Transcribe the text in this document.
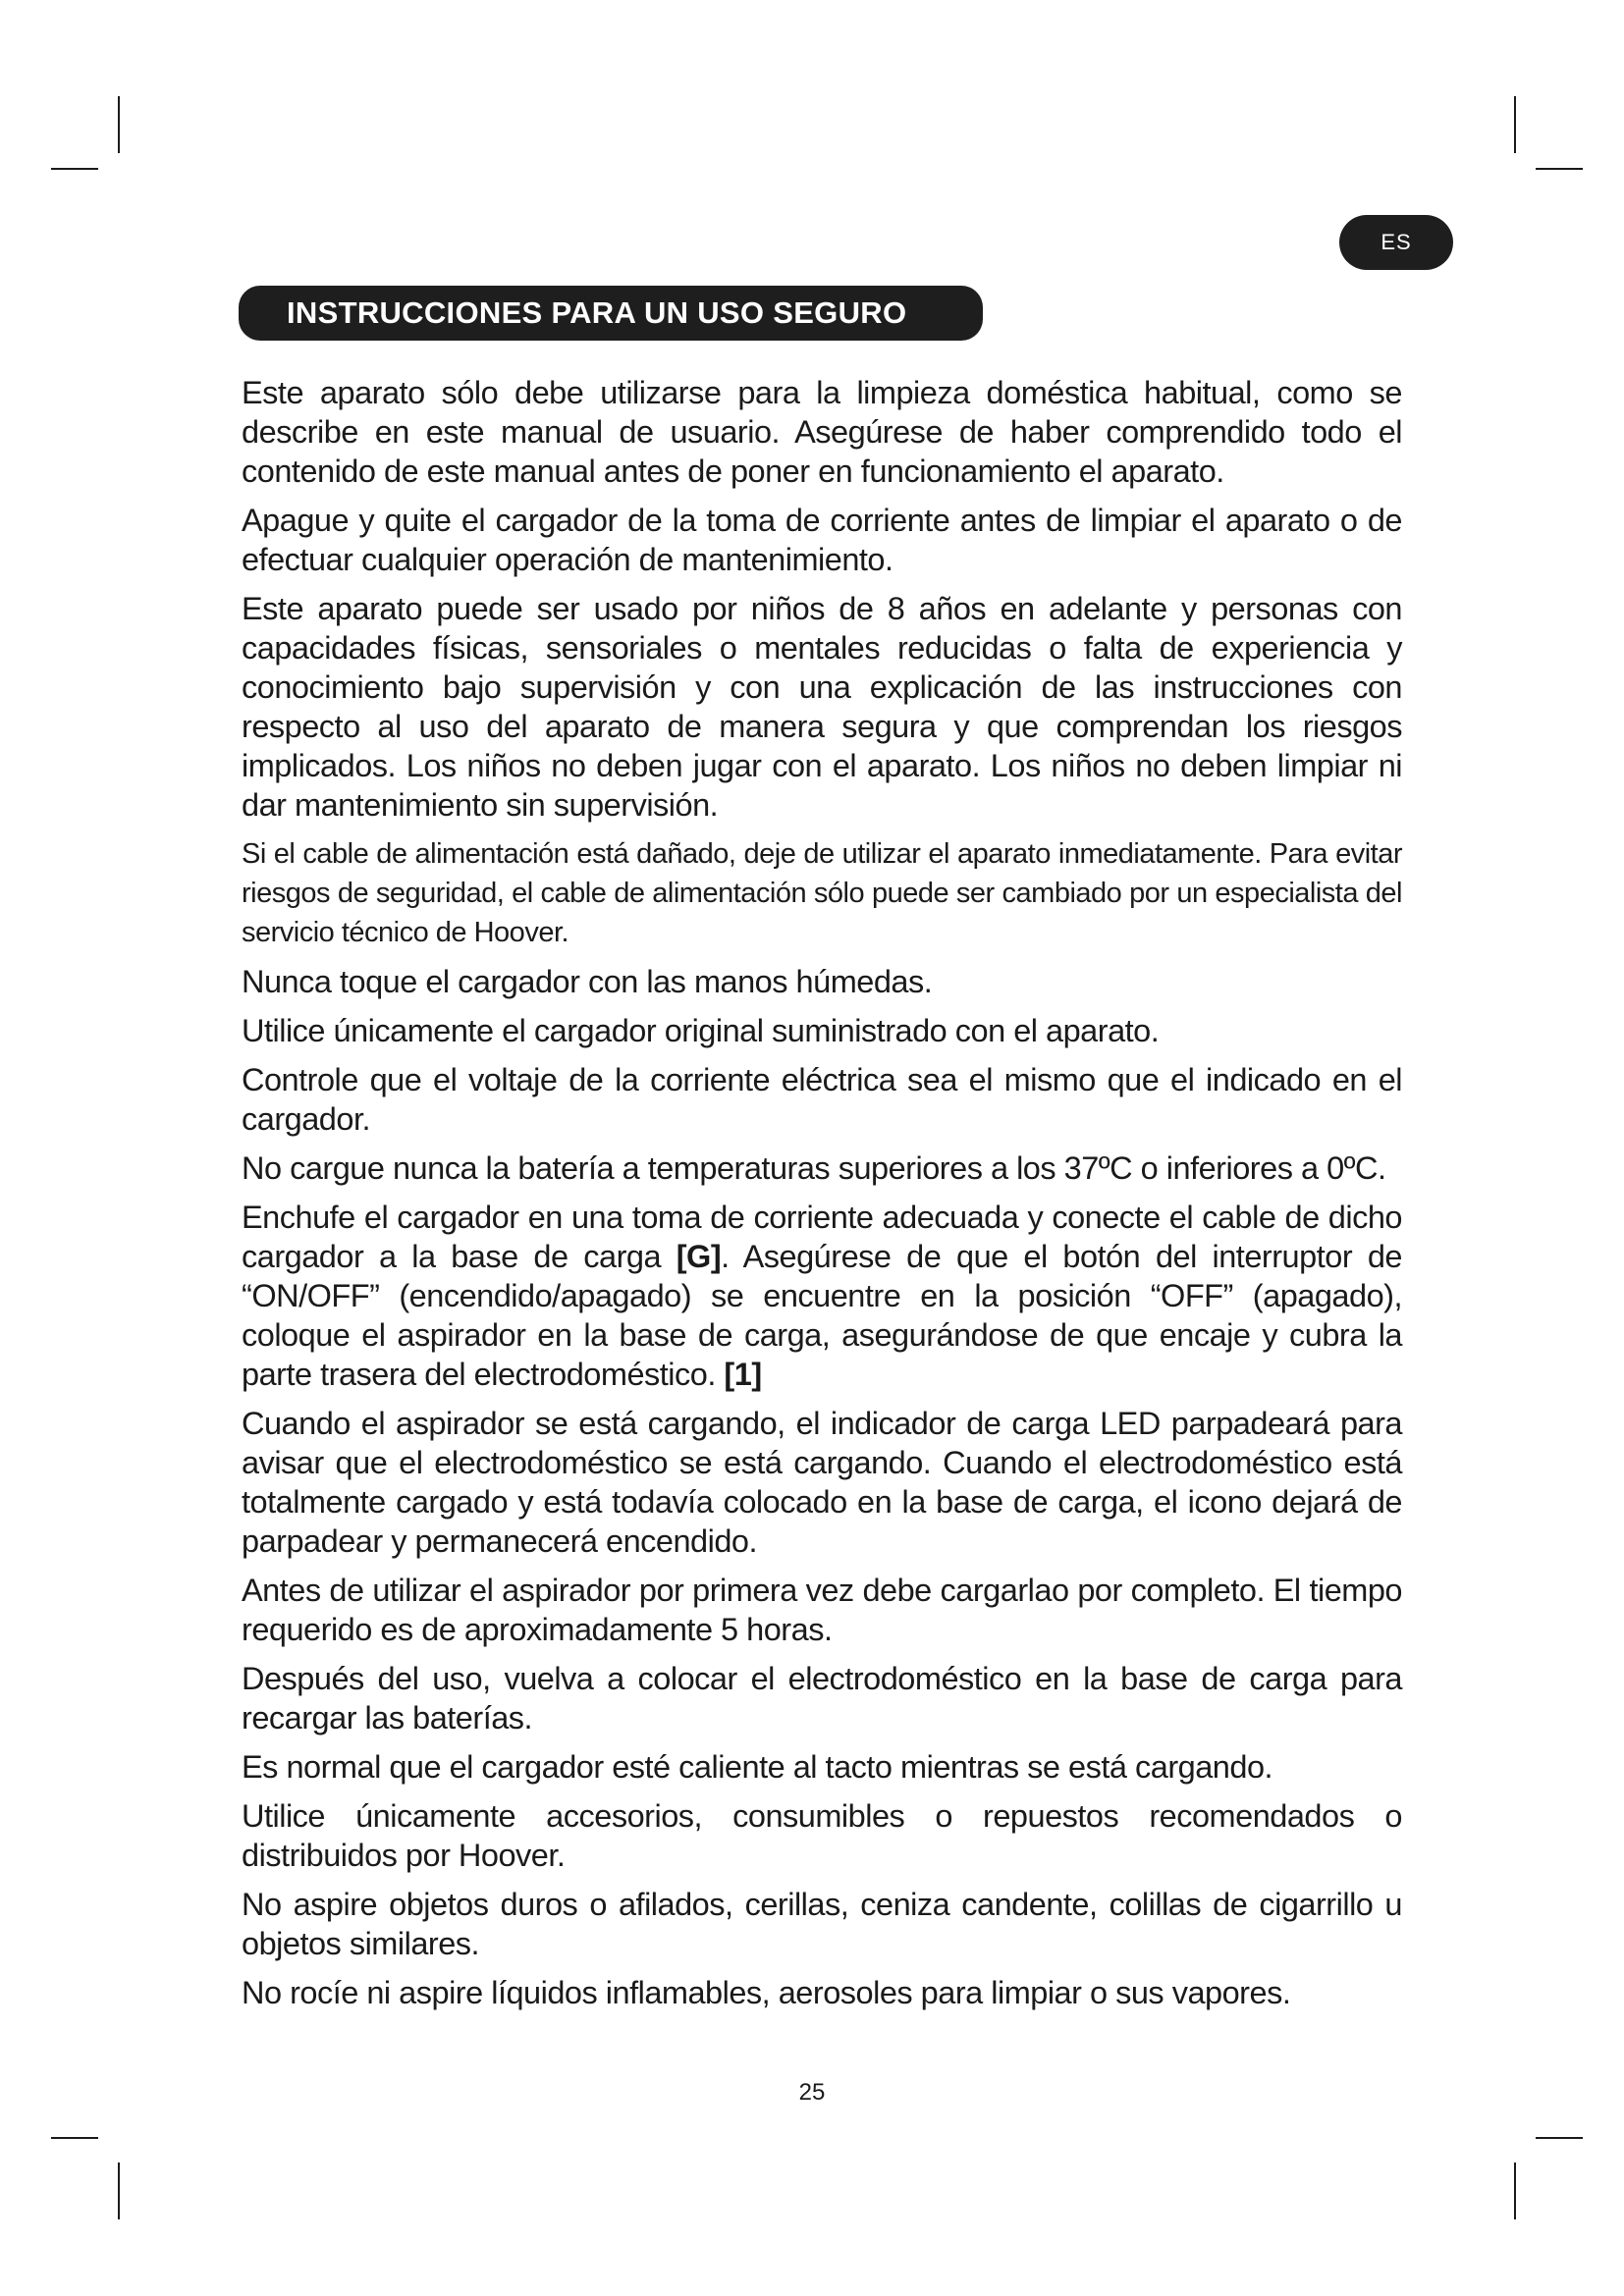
ES
INSTRUCCIONES PARA UN USO SEGURO

Este aparato sólo debe utilizarse para la limpieza doméstica habitual, como se describe en este manual de usuario. Asegúrese de haber comprendido todo el contenido de este manual antes de poner en funcionamiento el aparato.

Apague y quite el cargador de la toma de corriente antes de limpiar el aparato o de efectuar cualquier operación de mantenimiento.

Este aparato puede ser usado por niños de 8 años en adelante y personas con capacidades físicas, sensoriales o mentales reducidas o falta de experiencia y conocimiento bajo supervisión y con una explicación de las instrucciones con respecto al uso del aparato de manera segura y que comprendan los riesgos implicados. Los niños no deben jugar con el aparato. Los niños no deben limpiar ni dar mantenimiento sin supervisión.

Si el cable de alimentación está dañado, deje de utilizar el aparato inmediatamente. Para evitar riesgos de seguridad, el cable de alimentación sólo puede ser cambiado por un especialista del servicio técnico de Hoover.

Nunca toque el cargador con las manos húmedas.

Utilice únicamente el cargador original suministrado con el aparato.

Controle que el voltaje de la corriente eléctrica sea el mismo que el indicado en el cargador.

No cargue nunca la batería a temperaturas superiores a los 37ºC o inferiores a 0ºC.

Enchufe el cargador en una toma de corriente adecuada y conecte el cable de dicho cargador a la base de carga [G]. Asegúrese de que el botón del interruptor de “ON/OFF” (encendido/apagado) se encuentre en la posición “OFF” (apagado), coloque el aspirador en la base de carga, asegurándose de que encaje y cubra la parte trasera del electrodoméstico. [1]

Cuando el aspirador se está cargando, el indicador de carga LED parpadeará para avisar que el electrodoméstico se está cargando. Cuando el electrodoméstico está totalmente cargado y está todavía colocado en la base de carga, el icono dejará de parpadear y permanecerá encendido.

Antes de utilizar el aspirador por primera vez debe cargarlao por completo. El tiempo requerido es de aproximadamente 5 horas.

Después del uso, vuelva a colocar el electrodoméstico en la base de carga para recargar las baterías.

Es normal que el cargador esté caliente al tacto mientras se está cargando.

Utilice únicamente accesorios, consumibles o repuestos recomendados o distribuidos por Hoover.

No aspire objetos duros o afilados, cerillas, ceniza candente, colillas de cigarrillo u objetos similares.

No rocíe ni aspire líquidos inflamables, aerosoles para limpiar o sus vapores.

25
